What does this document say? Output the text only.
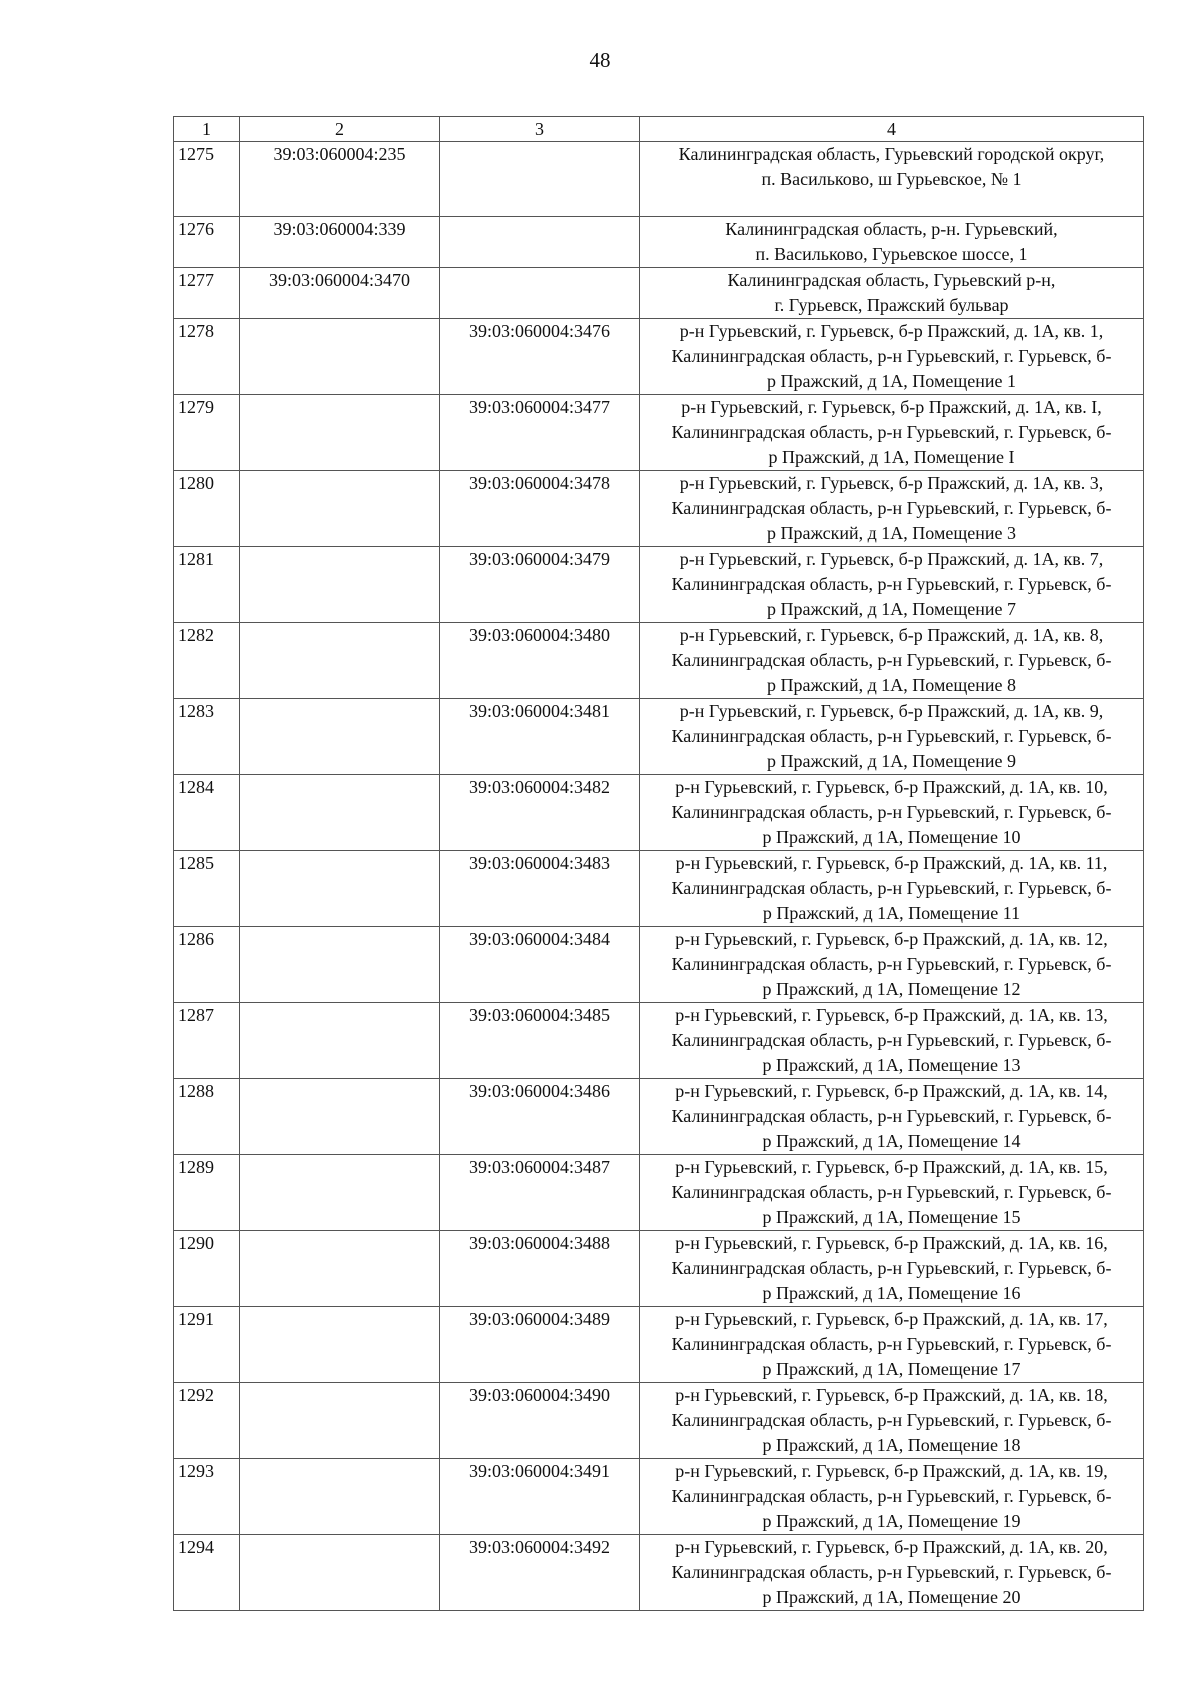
48
1	2	3	4
1275	39:03:060004:235		Калининградская область, Гурьевский городской округ,
п. Васильково, ш Гурьевское, № 1

1276	39:03:060004:339		Калининградская область, р-н. Гурьевский,
п. Васильково, Гурьевское шоссе, 1

1277	39:03:060004:3470		Калининградская область, Гурьевский р-н,
г. Гурьевск, Пражский бульвар

1278		39:03:060004:3476	р-н Гурьевский, г. Гурьевск, б-р Пражский, д. 1А, кв. 1,
Калининградская область, р-н Гурьевский, г. Гурьевск, б-
р Пражский, д 1А, Помещение 1

1279		39:03:060004:3477	р-н Гурьевский, г. Гурьевск, б-р Пражский, д. 1А, кв. I,
Калининградская область, р-н Гурьевский, г. Гурьевск, б-
р Пражский, д 1А, Помещение I

1280		39:03:060004:3478	р-н Гурьевский, г. Гурьевск, б-р Пражский, д. 1А, кв. 3,
Калининградская область, р-н Гурьевский, г. Гурьевск, б-
р Пражский, д 1А, Помещение 3

1281		39:03:060004:3479	р-н Гурьевский, г. Гурьевск, б-р Пражский, д. 1А, кв. 7,
Калининградская область, р-н Гурьевский, г. Гурьевск, б-
р Пражский, д 1А, Помещение 7

1282		39:03:060004:3480	р-н Гурьевский, г. Гурьевск, б-р Пражский, д. 1А, кв. 8,
Калининградская область, р-н Гурьевский, г. Гурьевск, б-
р Пражский, д 1А, Помещение 8

1283		39:03:060004:3481	р-н Гурьевский, г. Гурьевск, б-р Пражский, д. 1А, кв. 9,
Калининградская область, р-н Гурьевский, г. Гурьевск, б-
р Пражский, д 1А, Помещение 9

1284		39:03:060004:3482	р-н Гурьевский, г. Гурьевск, б-р Пражский, д. 1А, кв. 10,
Калининградская область, р-н Гурьевский, г. Гурьевск, б-
р Пражский, д 1А, Помещение 10

1285		39:03:060004:3483	р-н Гурьевский, г. Гурьевск, б-р Пражский, д. 1А, кв. 11,
Калининградская область, р-н Гурьевский, г. Гурьевск, б-
р Пражский, д 1А, Помещение 11

1286		39:03:060004:3484	р-н Гурьевский, г. Гурьевск, б-р Пражский, д. 1А, кв. 12,
Калининградская область, р-н Гурьевский, г. Гурьевск, б-
р Пражский, д 1А, Помещение 12

1287		39:03:060004:3485	р-н Гурьевский, г. Гурьевск, б-р Пражский, д. 1А, кв. 13,
Калининградская область, р-н Гурьевский, г. Гурьевск, б-
р Пражский, д 1А, Помещение 13

1288		39:03:060004:3486	р-н Гурьевский, г. Гурьевск, б-р Пражский, д. 1А, кв. 14,
Калининградская область, р-н Гурьевский, г. Гурьевск, б-
р Пражский, д 1А, Помещение 14

1289		39:03:060004:3487	р-н Гурьевский, г. Гурьевск, б-р Пражский, д. 1А, кв. 15,
Калининградская область, р-н Гурьевский, г. Гурьевск, б-
р Пражский, д 1А, Помещение 15

1290		39:03:060004:3488	р-н Гурьевский, г. Гурьевск, б-р Пражский, д. 1А, кв. 16,
Калининградская область, р-н Гурьевский, г. Гурьевск, б-
р Пражский, д 1А, Помещение 16

1291		39:03:060004:3489	р-н Гурьевский, г. Гурьевск, б-р Пражский, д. 1А, кв. 17,
Калининградская область, р-н Гурьевский, г. Гурьевск, б-
р Пражский, д 1А, Помещение 17

1292		39:03:060004:3490	р-н Гурьевский, г. Гурьевск, б-р Пражский, д. 1А, кв. 18,
Калининградская область, р-н Гурьевский, г. Гурьевск, б-
р Пражский, д 1А, Помещение 18

1293		39:03:060004:3491	р-н Гурьевский, г. Гурьевск, б-р Пражский, д. 1А, кв. 19,
Калининградская область, р-н Гурьевский, г. Гурьевск, б-
р Пражский, д 1А, Помещение 19

1294		39:03:060004:3492	р-н Гурьевский, г. Гурьевск, б-р Пражский, д. 1А, кв. 20,
Калининградская область, р-н Гурьевский, г. Гурьевск, б-
р Пражский, д 1А, Помещение 20
